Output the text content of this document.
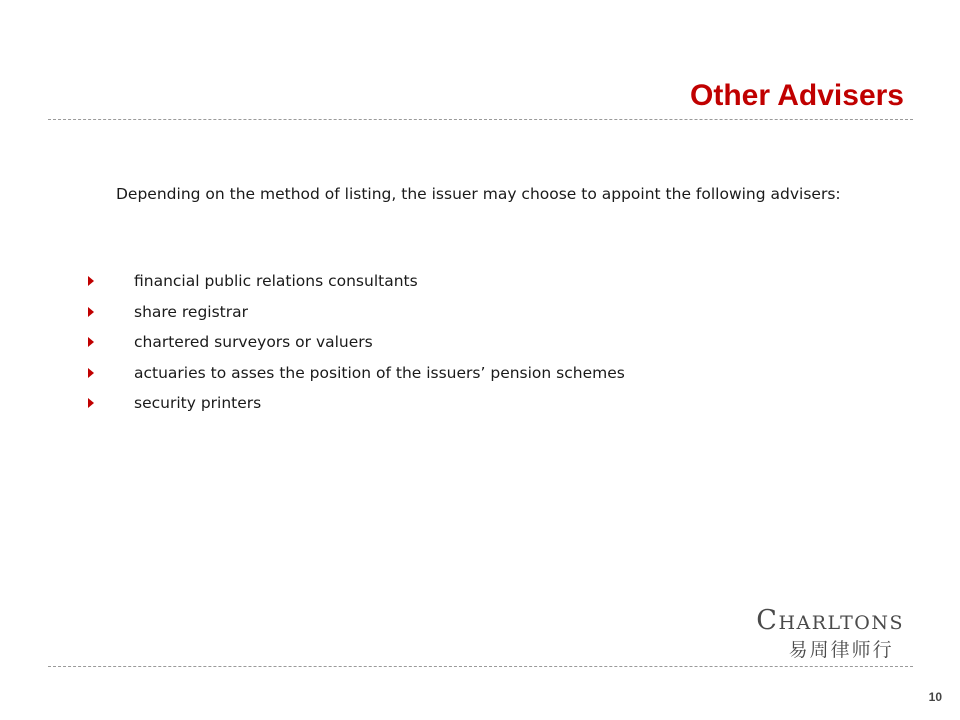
Other Advisers

Depending on the method of listing, the issuer may choose to appoint the following advisers:

financial public relations consultants
share registrar
chartered surveyors or valuers
actuaries to asses the position of the issuers’ pension schemes
security printers
Charltons
易周律师行
10
